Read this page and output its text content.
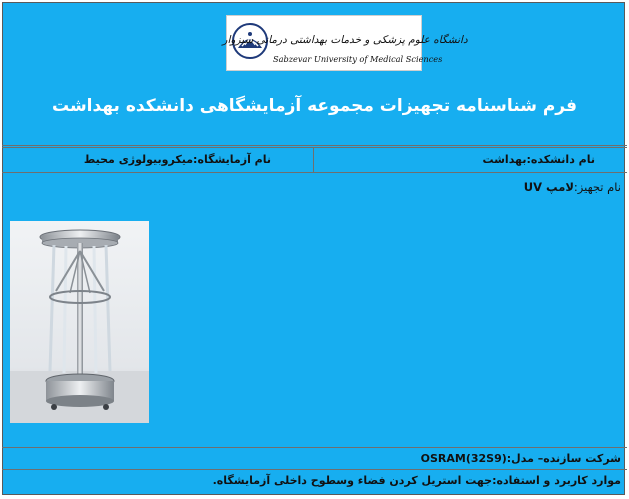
دانشگاه علوم پزشکی و خدمات بهداشتی درمانی سبزوار
Sabzevar University of Medical Sciences
فرم شناسنامه تجهیزات مجموعه آزمایشگاهی دانشکده بهداشت
نام دانشکده:بهداشت
نام آزمایشگاه:میکروبیولوژی محیط
نام تجهیز:لامپ UV
شرکت سازنده– مدل:OSRAM(32S9)
موارد کاربرد و استفاده:جهت استریل کردن فضاء وسطوح داخلی آزمایشگاه.
